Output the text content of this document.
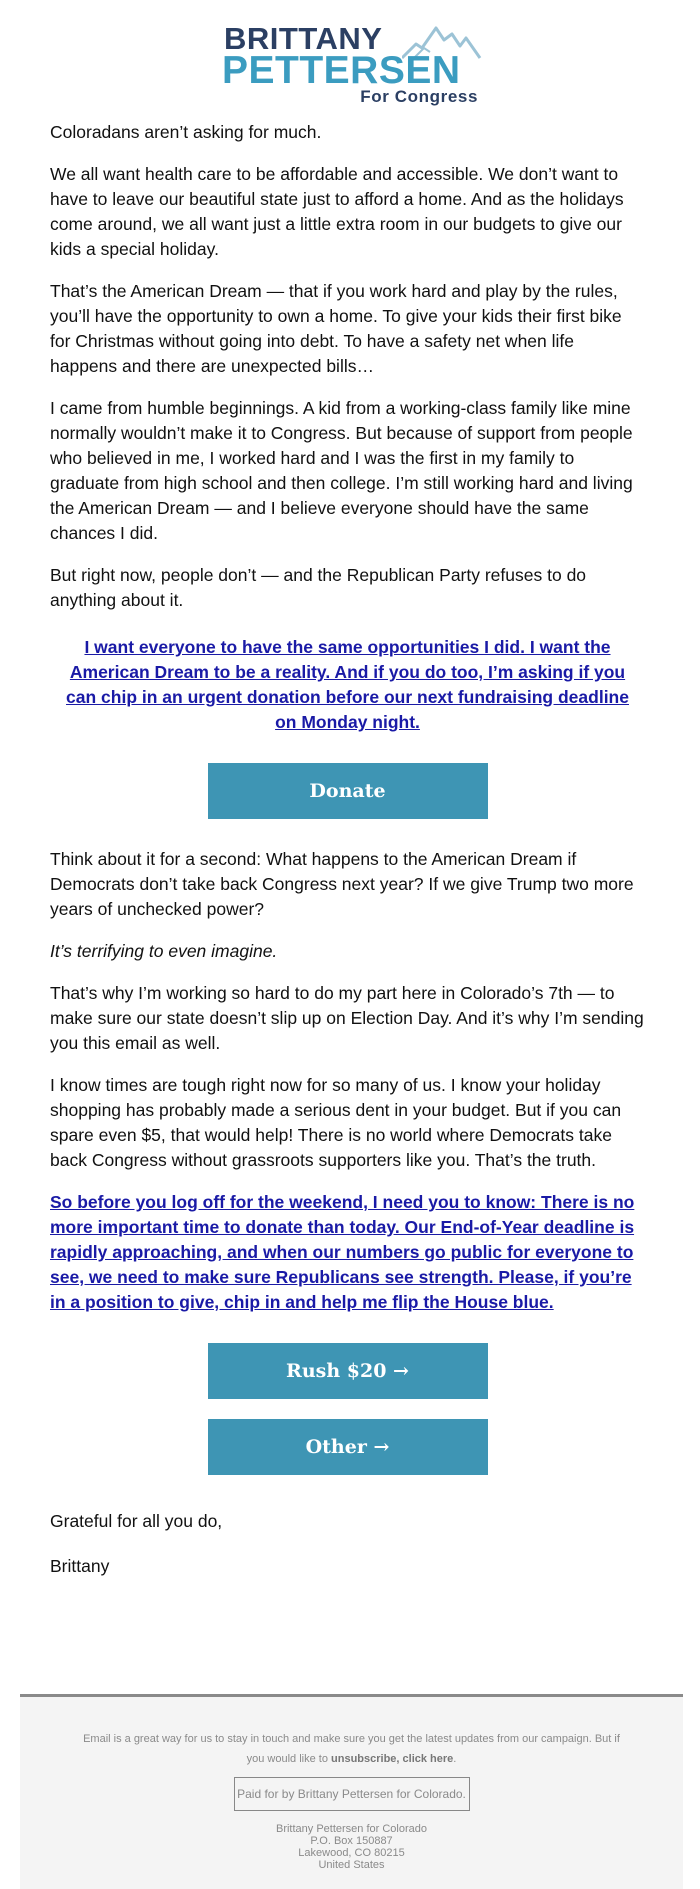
BRITTANY
PETTERSEN
For Congress

Coloradans aren’t asking for much.

We all want health care to be affordable and accessible. We don’t want to have to leave our beautiful state just to afford a home. And as the holidays come around, we all want just a little extra room in our budgets to give our kids a special holiday.

That’s the American Dream — that if you work hard and play by the rules, you’ll have the opportunity to own a home. To give your kids their first bike for Christmas without going into debt. To have a safety net when life happens and there are unexpected bills…

I came from humble beginnings. A kid from a working-class family like mine normally wouldn’t make it to Congress. But because of support from people who believed in me, I worked hard and I was the first in my family to graduate from high school and then college. I’m still working hard and living the American Dream — and I believe everyone should have the same chances I did.

But right now, people don’t — and the Republican Party refuses to do anything about it.

I want everyone to have the same opportunities I did. I want the American Dream to be a reality. And if you do too, I’m asking if you can chip in an urgent donation before our next fundraising deadline on Monday night.

Donate

Think about it for a second: What happens to the American Dream if Democrats don’t take back Congress next year? If we give Trump two more years of unchecked power?

It’s terrifying to even imagine.

That’s why I’m working so hard to do my part here in Colorado’s 7th — to make sure our state doesn’t slip up on Election Day. And it’s why I’m sending you this email as well.

I know times are tough right now for so many of us. I know your holiday shopping has probably made a serious dent in your budget. But if you can spare even $5, that would help! There is no world where Democrats take back Congress without grassroots supporters like you. That’s the truth.

So before you log off for the weekend, I need you to know: There is no more important time to donate than today. Our End-of-Year deadline is rapidly approaching, and when our numbers go public for everyone to see, we need to make sure Republicans see strength. Please, if you’re in a position to give, chip in and help me flip the House blue.

Rush $20 →
Other →

Grateful for all you do,

Brittany

Email is a great way for us to stay in touch and make sure you get the latest updates from our campaign. But if you would like to unsubscribe, click here.
Paid for by Brittany Pettersen for Colorado.
Brittany Pettersen for Colorado
P.O. Box 150887
Lakewood, CO 80215
United States
